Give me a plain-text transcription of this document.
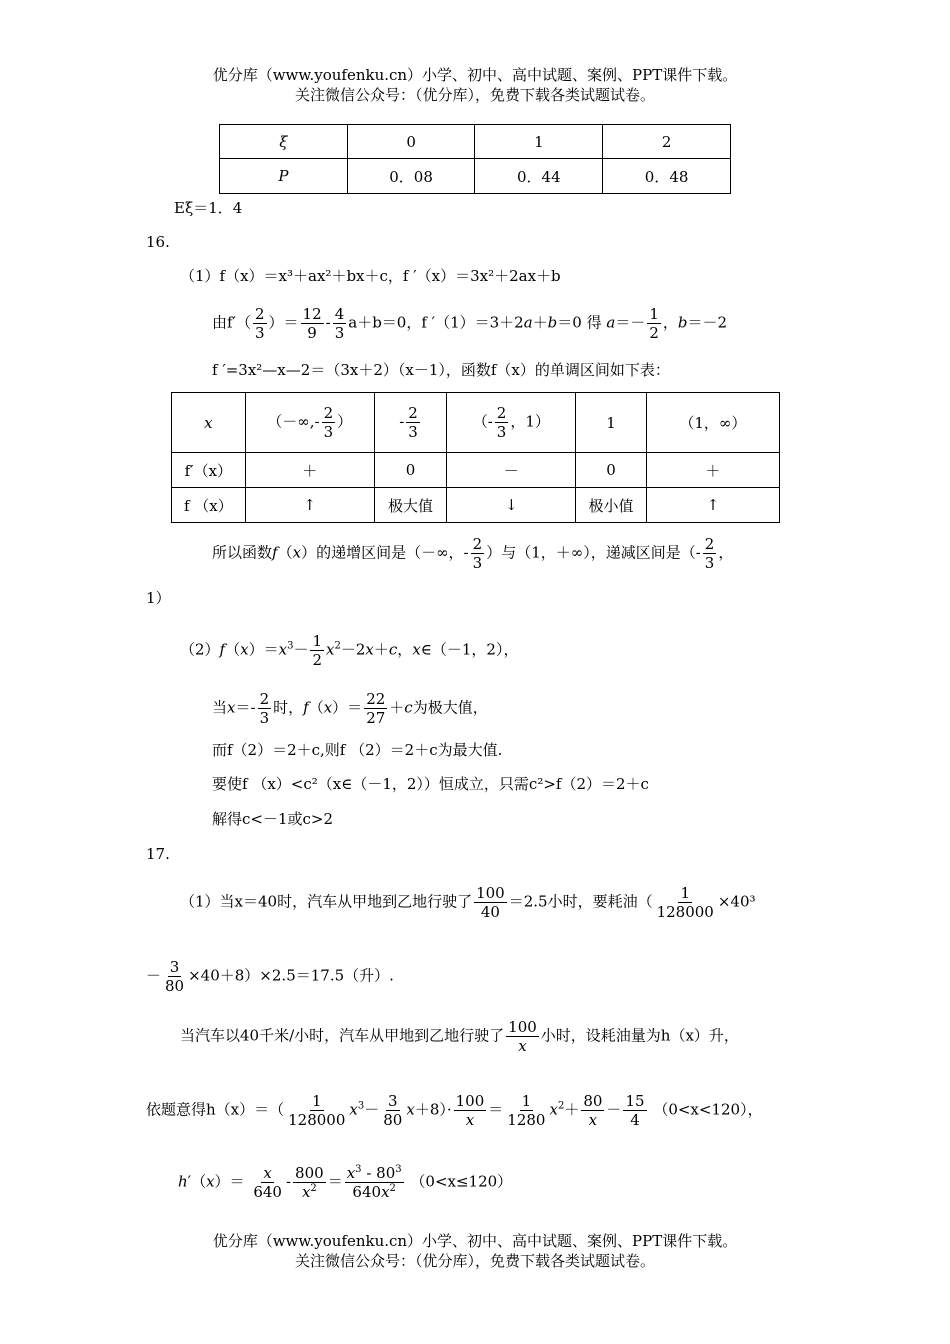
优分库（www.youfenku.cn）小学、初中、高中试题、案例、PPT课件下载。
关注微信公众号：（优分库），免费下载各类试题试卷。
ξ	0	1	2
P	0．08	0．44	0．48
Eξ＝1．4
16.
（1）f（x）＝x³＋ax²＋bx＋c，f ′（x）＝3x²＋2ax＋b
由$f'( \frac{2}{3}$ ）＝ $\frac{12}{9} - \frac{4}{3} a+b=0$，f ′（1）＝3＋2a＋b＝0 得 $a=- \frac{1}{2}$ ，b＝－2
f ′=3x²—x—2＝（3x＋2）（x－1），函数f（x）的单调区间如下表：
x	（－∞,- $\frac{2}{3}$ ）	- $\frac{2}{3}$	（- $\frac{2}{3}$ ，1）	1	（1，∞）
f′（x）	＋	0	－	0	＋
f （x）	↑	极大值	↓	极小值	↑
所以函数f（x）的递增区间是（－∞，- $\frac{2}{3}$ ）与（1，＋∞），递减区间是（- $\frac{2}{3}$ ，
1）
$(2)f(x)=x^3- \frac{1}{2} x^2-2x+c$，x∈（－1，2），
当$x=- \frac{2}{3}$ 时，$f(x)= \frac{22}{27} +c$为极大值，
而f（2）＝2＋c,则f （2）＝2＋c为最大值.
要使f （x）<c²（x∈（－1，2））恒成立，只需c²>f（2）＝2＋c
解得c<－1或c>2
17.
（1）当x＝40时，汽车从甲地到乙地行驶了 $\frac{100}{40} =2.5$小时，要耗油（ $\frac{1}{128000} \times 40^3$
－ $\frac{3}{80} \times 40+8)\times 2.5=17.5$（升）.
当汽车以40千米/小时，汽车从甲地到乙地行驶了 $\frac{100}{x}$ 小时，设耗油量为h（x）升，
依题意得$h(x)=( \frac{1}{128000} x^3- \frac{3}{80} x+8)\cdot \frac{100}{x} = \frac{1}{1280} x^2+ \frac{80}{x} - \frac{15}{4} (0<x<120)$，
$h'(x)= \frac{x}{640} - \frac{800}{x^2} = \frac{x^3 - 80^3}{640x^2} (0<x\le 120)$
优分库（www.youfenku.cn）小学、初中、高中试题、案例、PPT课件下载。
关注微信公众号：（优分库），免费下载各类试题试卷。
